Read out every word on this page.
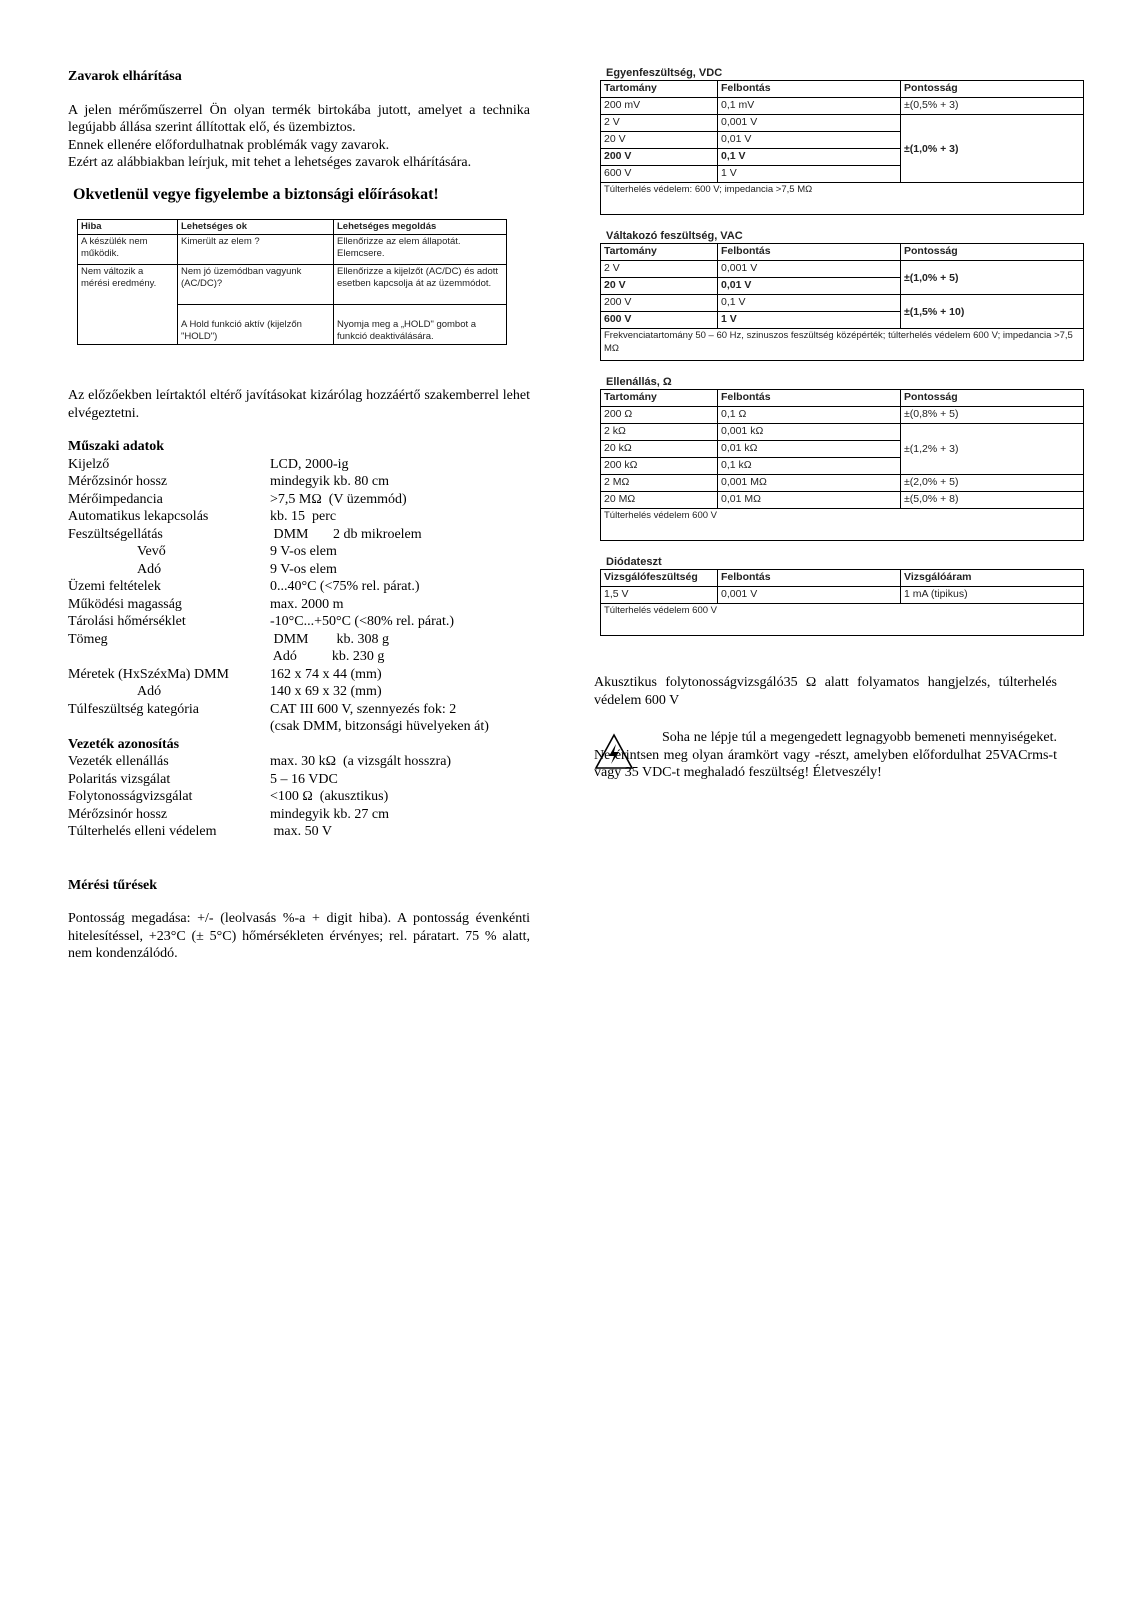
Zavarok elhárítása
A jelen mérőműszerrel Ön olyan termék birtokába jutott, amelyet a technika legújabb állása szerint állítottak elő, és üzembiztos.
Ennek ellenére előfordulhatnak problémák vagy zavarok.
Ezért az alábbiakban leírjuk, mit tehet a lehetséges zavarok elhárítására.
Okvetlenül vegye figyelembe a biztonsági előírásokat!
Hiba	Lehetséges ok	Lehetséges megoldás
A készülék nem működik.	Kimerült az elem ?	Ellenőrizze az elem állapotát. Elemcsere.
Nem változik a mérési eredmény.	Nem jó üzemódban vagyunk (AC/DC)?	Ellenőrizze a kijelzőt (AC/DC) és adott esetben kapcsolja át az üzemmódot.
	A Hold funkció aktív (kijelzőn "HOLD")	Nyomja meg a „HOLD" gombot a funkció deaktiválására.
Az előzőekben leírtaktól eltérő javításokat kizárólag hozzáértő szakemberrel lehet elvégeztetni.
Műszaki adatok
Kijelző	LCD, 2000-ig
Mérőzsinór hossz	mindegyik kb. 80 cm
Mérőimpedancia	>7,5 MΩ  (V üzemmód)
Automatikus lekapcsolás	kb. 15  perc
Feszültségellátás	DMM       2 db mikroelem
Vevő	9 V-os elem
Adó	9 V-os elem
Üzemi feltételek	0...40°C (<75% rel. párat.)
Működési magasság	max. 2000 m
Tárolási hőmérséklet	-10°C...+50°C (<80% rel. párat.)
Tömeg	DMM        kb. 308 g
Adó          kb. 230 g
Méretek (HxSzéxMa) DMM	162 x 74 x 44 (mm)
Adó	140 x 69 x 32 (mm)
Túlfeszültség kategória	CAT III 600 V, szennyezés fok: 2
(csak DMM, bitzonsági hüvelyeken át)
Vezeték azonosítás
Vezeték ellenállás	max. 30 kΩ  (a vizsgált hosszra)
Polaritás vizsgálat	5 – 16 VDC
Folytonosságvizsgálat	<100 Ω  (akusztikus)
Mérőzsinór hossz	mindegyik kb. 27 cm
Túlterhelés elleni védelem	max. 50 V
Mérési tűrések
Pontosság megadása: +/- (leolvasás %-a + digit hiba). A pontosság évenkénti hitelesítéssel, +23°C (± 5°C) hőmérsékleten érvényes; rel. páratart. 75 % alatt, nem kondenzálódó.
Egyenfeszültség, VDC
Tartomány	Felbontás	Pontosság
200 mV	0,1 mV	±(0,5% + 3)
2 V	0,001 V	±(1,0% + 3)
20 V	0,01 V	
200 V	0,1 V	
600 V	1 V	
Túlterhelés védelem: 600 V; impedancia >7,5 MΩ		
Váltakozó feszültség, VAC
Tartomány	Felbontás	Pontosság
2 V	0,001 V	±(1,0% + 5)
20 V	0,01 V	
200 V	0,1 V	±(1,5% + 10)
600 V	1 V	
Frekvenciatartomány 50 – 60 Hz, szinuszos feszültség középérték; túlterhelés védelem 600 V; impedancia >7,5 MΩ		
Ellenállás, Ω
Tartomány	Felbontás	Pontosság
200 Ω	0,1 Ω	±(0,8% + 5)
2 kΩ	0,001 kΩ	±(1,2% + 3)
20 kΩ	0,01 kΩ	
200 kΩ	0,1 kΩ	
2 MΩ	0,001 MΩ	±(2,0% + 5)
20 MΩ	0,01 MΩ	±(5,0% + 8)
Túlterhelés védelem 600 V		
Diódateszt
Vizsgálófeszültség	Felbontás	Vizsgálóáram
1,5 V	0,001 V	1 mA (tipikus)
Túlterhelés védelem 600 V		
Akusztikus folytonosságvizsgáló35 Ω alatt folyamatos hangjelzés, túlterhelés védelem 600 V
Soha ne lépje túl a megengedett legnagyobb bemeneti mennyiségeket. Ne érintsen meg olyan áramkört vagy -részt, amelyben előfordulhat 25VACrms-t vagy 35 VDC-t meghaladó feszültség! Életveszély!
